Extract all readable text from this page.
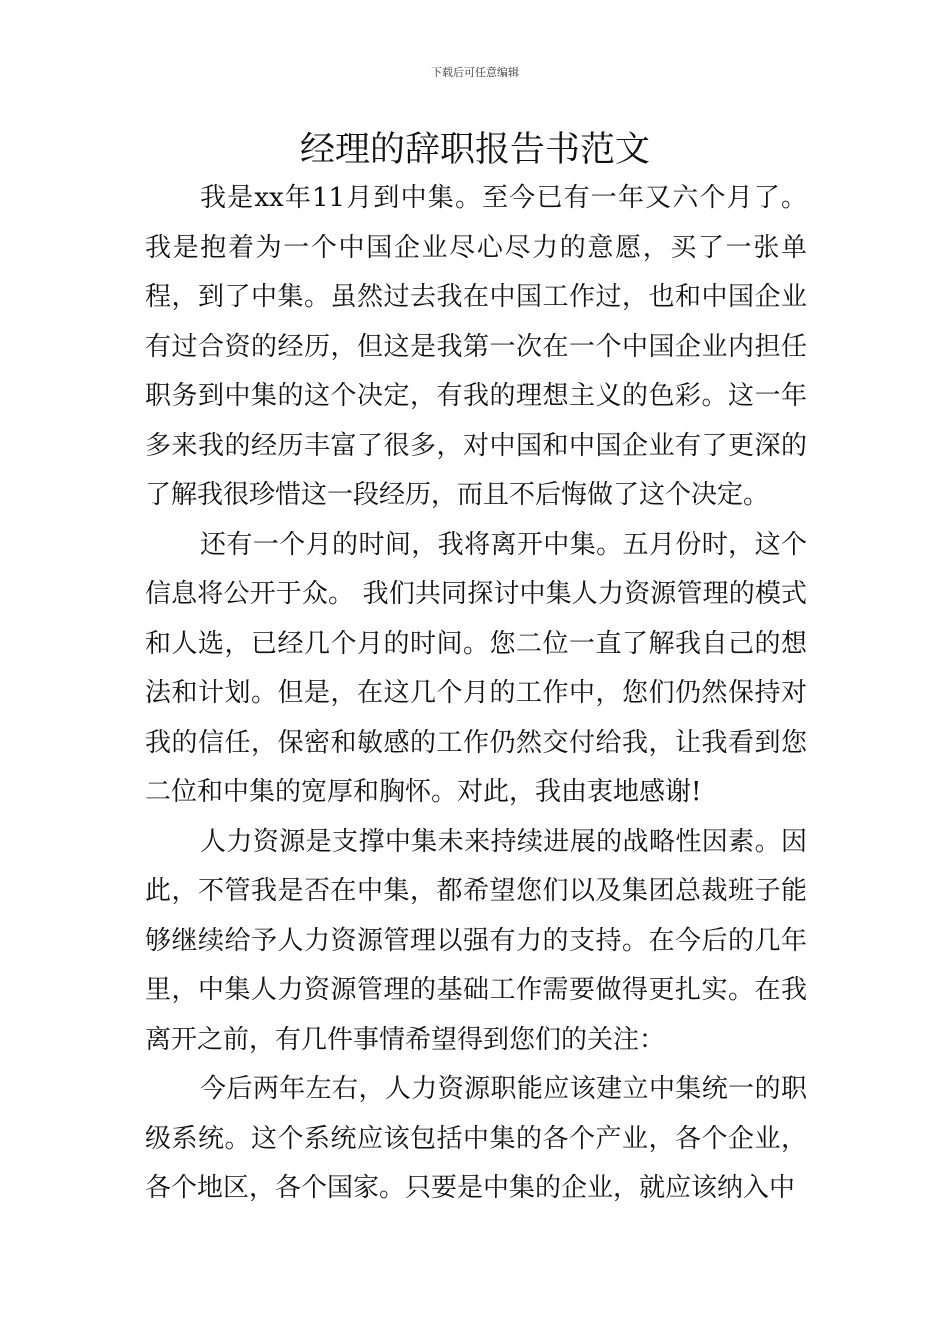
下载后可任意编辑
经理的辞职报告书范文

我是xx年11月到中集。至今已有一年又六个月了。我是抱着为一个中国企业尽心尽力的意愿，买了一张单程，到了中集。虽然过去我在中国工作过，也和中国企业有过合资的经历，但这是我第一次在一个中国企业内担任职务到中集的这个决定，有我的理想主义的色彩。这一年多来我的经历丰富了很多，对中国和中国企业有了更深的了解我很珍惜这一段经历，而且不后悔做了这个决定。

还有一个月的时间，我将离开中集。五月份时，这个信息将公开于众。 我们共同探讨中集人力资源管理的模式和人选，已经几个月的时间。您二位一直了解我自己的想法和计划。但是，在这几个月的工作中，您们仍然保持对我的信任，保密和敏感的工作仍然交付给我，让我看到您二位和中集的宽厚和胸怀。对此，我由衷地感谢!

人力资源是支撑中集未来持续进展的战略性因素。因此，不管我是否在中集，都希望您们以及集团总裁班子能够继续给予人力资源管理以强有力的支持。在今后的几年里，中集人力资源管理的基础工作需要做得更扎实。在我离开之前，有几件事情希望得到您们的关注：

今后两年左右，人力资源职能应该建立中集统一的职级系统。这个系统应该包括中集的各个产业，各个企业，各个地区，各个国家。只要是中集的企业，就应该纳入中
